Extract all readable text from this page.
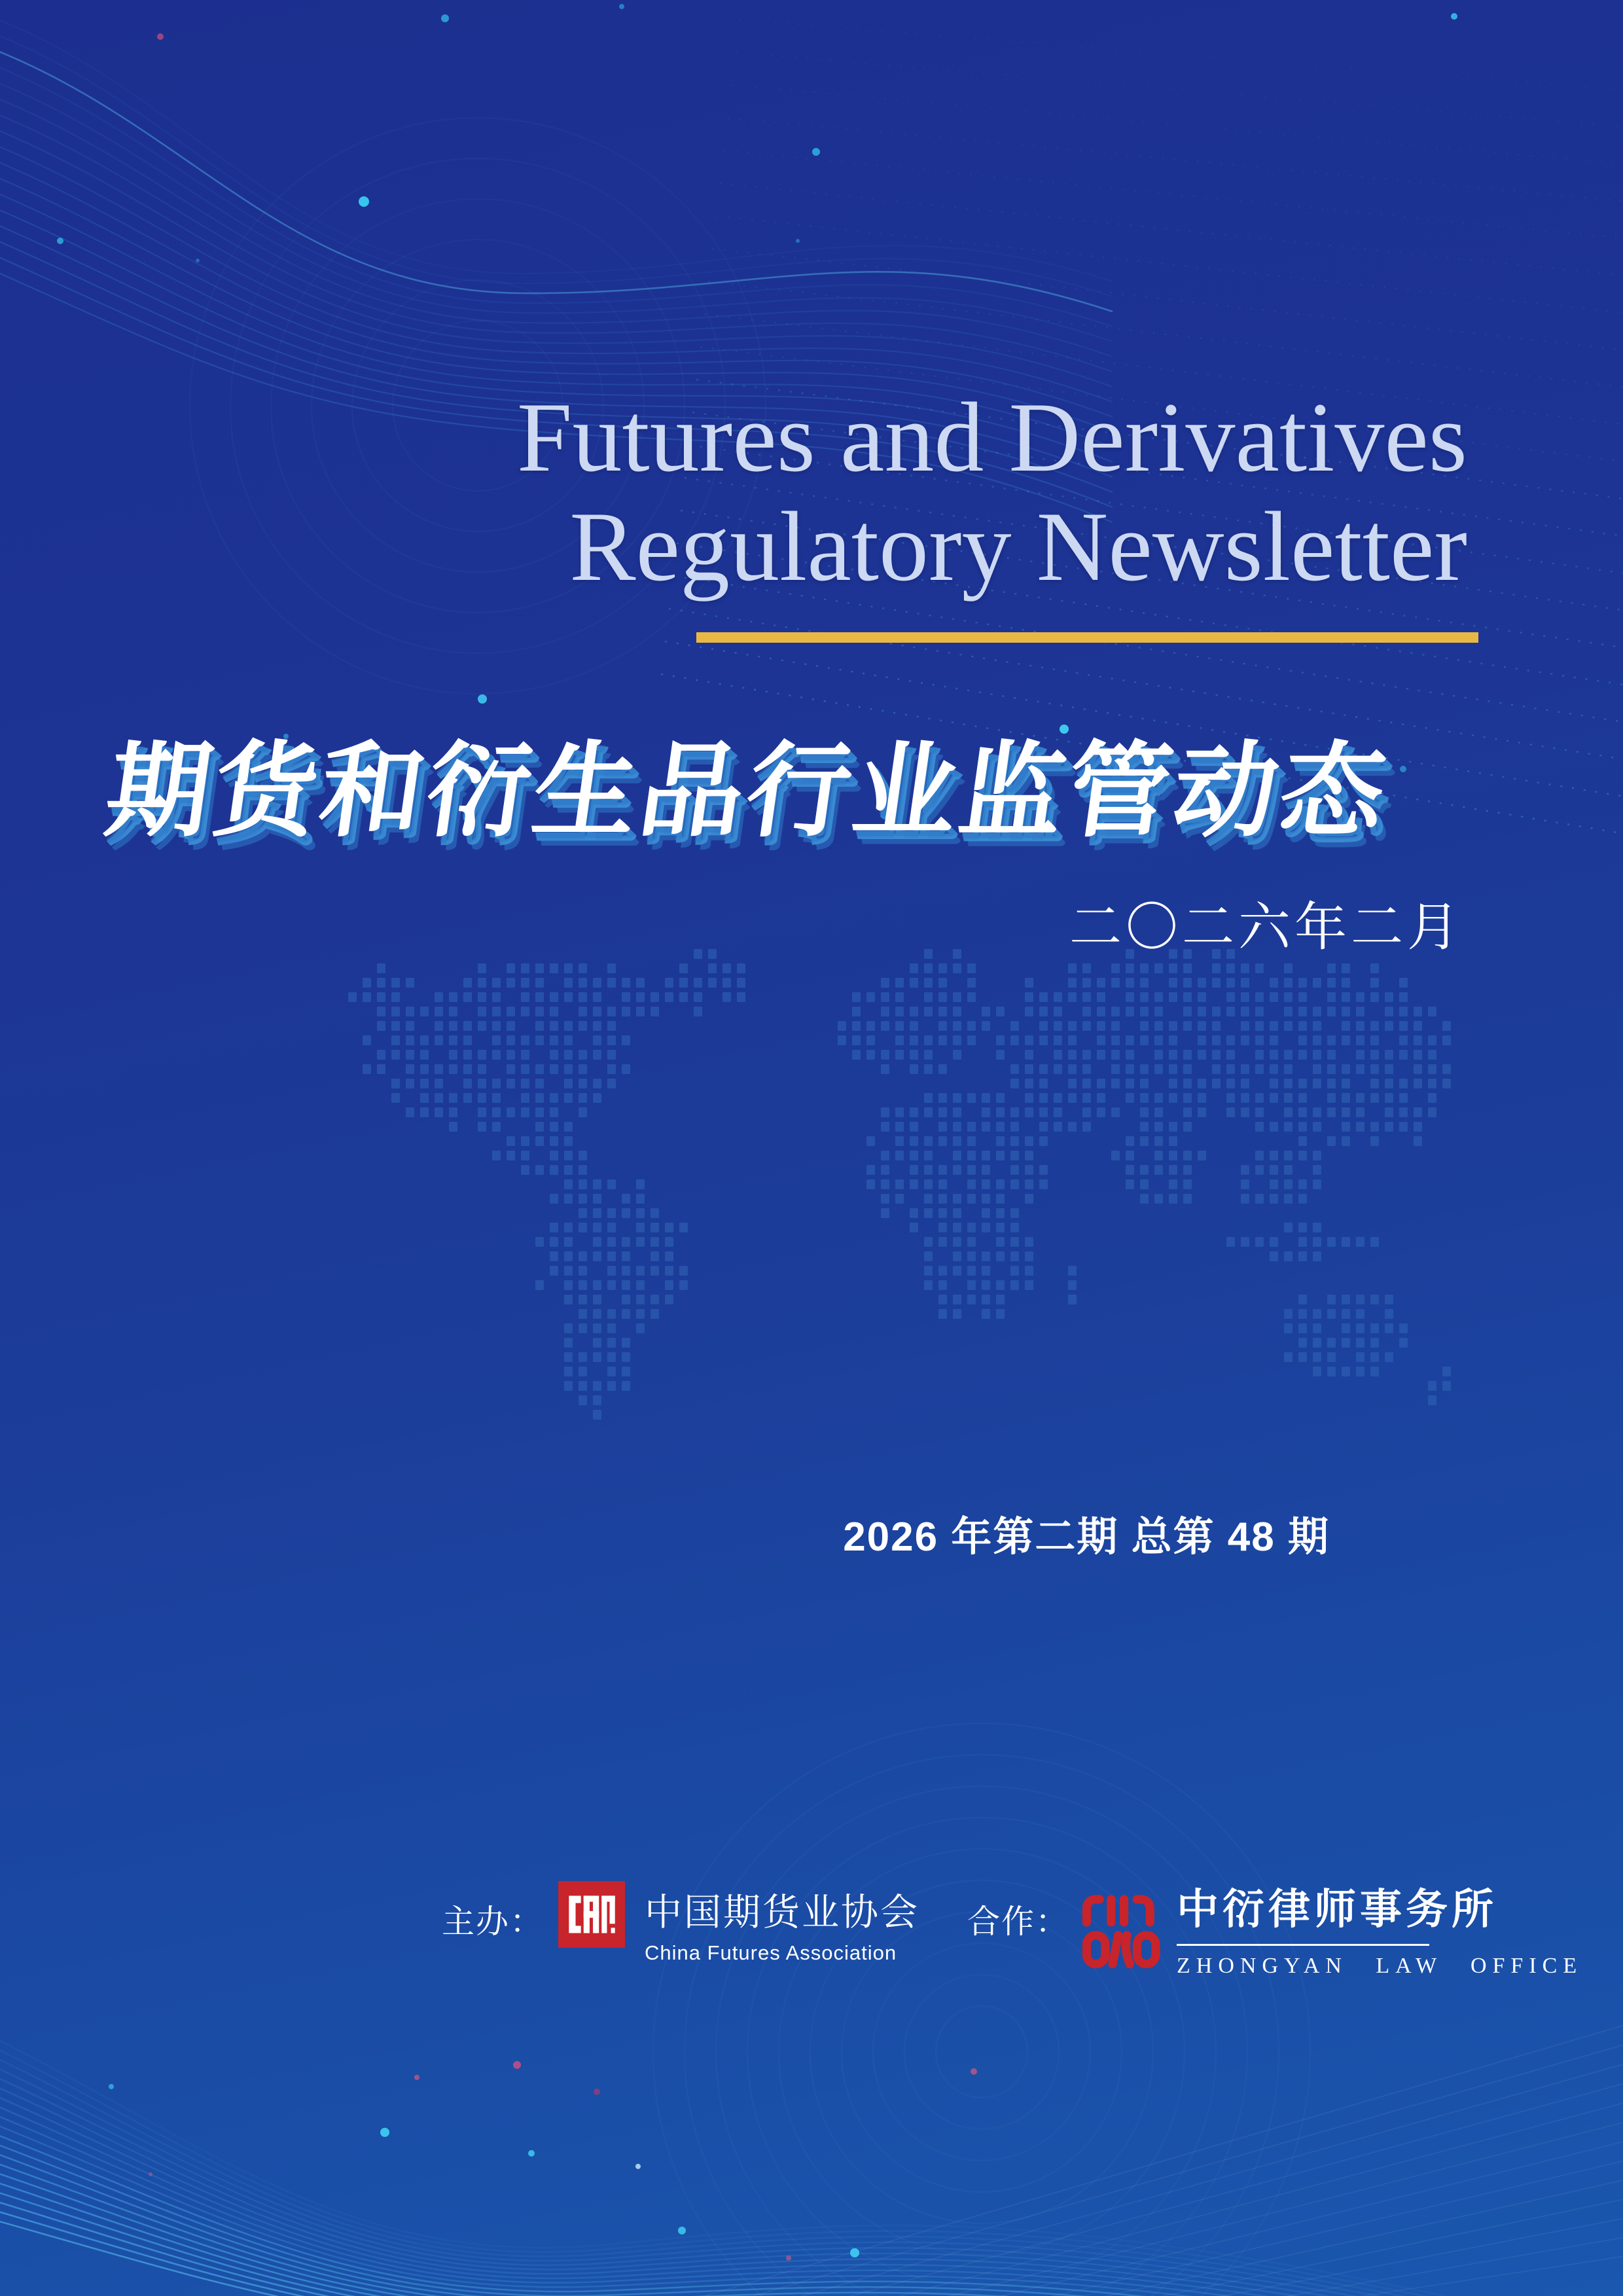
Futures and Derivatives
Regulatory Newsletter
期货和衍生品行业监管动态 期货和衍生品行业监管动态
二〇二六年二月
2026 年第二期 总第 48 期
主办：	中国期货业协会
China Futures Association
合作：	中衍律师事务所
ZHONGYAN LAW OFFICE
